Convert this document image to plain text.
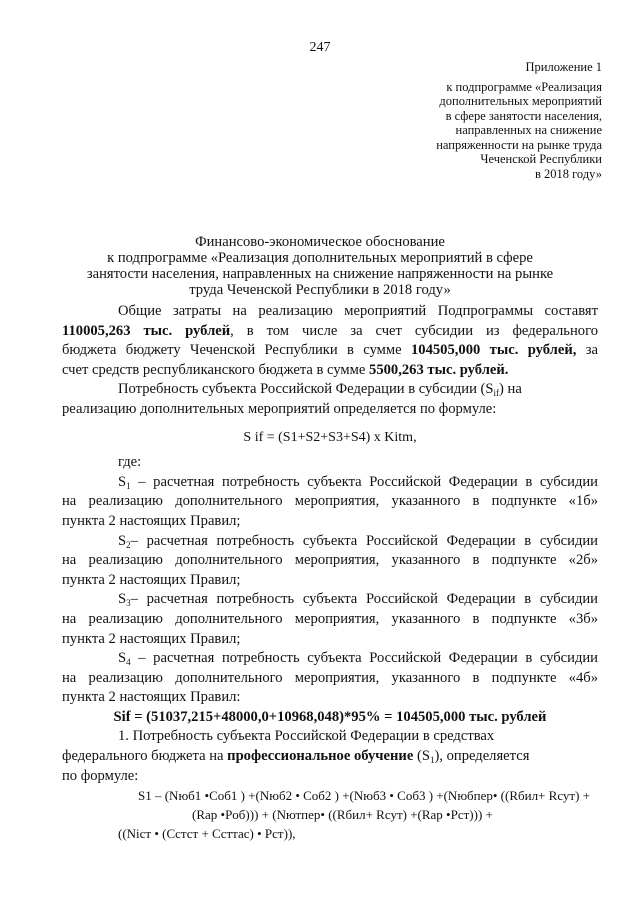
247
Приложение 1
к подпрограмме «Реализация
дополнительных мероприятий
в сфере занятости населения,
направленных на снижение
напряженности на рынке труда
Чеченской Республики
в 2018 году»
Финансово-экономическое обоснование
к подпрограмме «Реализация дополнительных мероприятий в сфере
занятости населения, направленных на снижение напряженности на рынке
труда Чеченской Республики в 2018 году»

Общие затраты на реализацию мероприятий Подпрограммы составят

110005,263 тыс. рублей, в том числе за счет субсидии из федерального

бюджета бюджету Чеченской Республики в сумме 104505,000 тыс. рублей, за

счет средств республиканского бюджета в сумме 5500,263 тыс. рублей.

Потребность субъекта Российской Федерации в субсидии $(S_{if})$ на

реализацию дополнительных мероприятий определяется по формуле:

S if = (S1+S2+S3+S4) x Kitm,

где:

$S_1$ – расчетная потребность субъекта Российской Федерации в субсидии

на реализацию дополнительного мероприятия, указанного в подпункте «1б»

пункта 2 настоящих Правил;

$S_2-$ расчетная потребность субъекта Российской Федерации в субсидии

на реализацию дополнительного мероприятия, указанного в подпункте «2б»

пункта 2 настоящих Правил;

$S_3-$ расчетная потребность субъекта Российской Федерации в субсидии

на реализацию дополнительного мероприятия, указанного в подпункте «3б»

пункта 2 настоящих Правил;

$S_4$ – расчетная потребность субъекта Российской Федерации в субсидии

на реализацию дополнительного мероприятия, указанного в подпункте «4б»

пункта 2 настоящих Правил:

Sif = (51037,215+48000,0+10968,048)*95% = 104505,000 тыс. рублей

1. Потребность субъекта Российской Федерации в средствах

федерального бюджета на профессиональное обучение $(S_1)$, определяется

по формуле:

S1 – (Nюб1 •Cоб1 ) +(Nюб2 • Cоб2 ) +(Nюб3 • Cоб3 ) +(Nюбпер• ((Rбил+ Rсут) +

(Rар •Pоб))) + (Nютпер• ((Rбил+ Rсут) +(Rар •Pст))) +

((Nіст • (Cстст + Cсттас) • Pст)),
